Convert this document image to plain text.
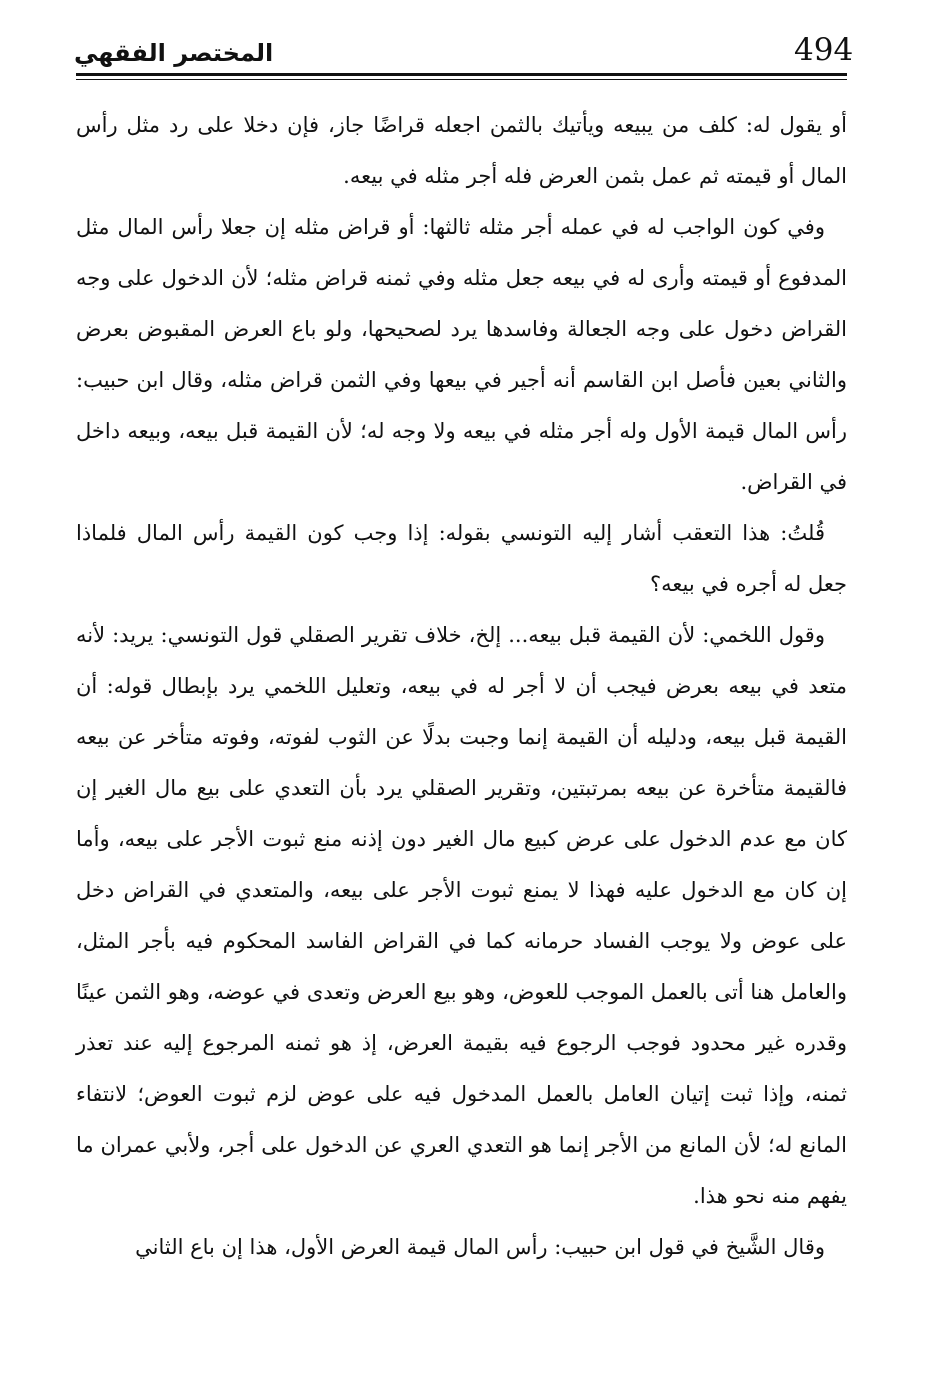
494
المختصر الفقهي

أو يقول له: كلف من يبيعه ويأتيك بالثمن اجعله قراضًا جاز، فإن دخلا على رد مثل رأس المال أو قيمته ثم عمل بثمن العرض فله أجر مثله في بيعه.

وفي كون الواجب له في عمله أجر مثله ثالثها: أو قراض مثله إن جعلا رأس المال مثل المدفوع أو قيمته وأرى له في بيعه جعل مثله وفي ثمنه قراض مثله؛ لأن الدخول على وجه القراض دخول على وجه الجعالة وفاسدها يرد لصحيحها، ولو باع العرض المقبوض بعرض والثاني بعين فأصل ابن القاسم أنه أجير في بيعها وفي الثمن قراض مثله، وقال ابن حبيب: رأس المال قيمة الأول وله أجر مثله في بيعه ولا وجه له؛ لأن القيمة قبل بيعه، وبيعه داخل في القراض.

قُلتُ: هذا التعقب أشار إليه التونسي بقوله: إذا وجب كون القيمة رأس المال فلماذا جعل له أجره في بيعه؟

وقول اللخمي: لأن القيمة قبل بيعه... إلخ، خلاف تقرير الصقلي قول التونسي: يريد: لأنه متعد في بيعه بعرض فيجب أن لا أجر له في بيعه، وتعليل اللخمي يرد بإبطال قوله: أن القيمة قبل بيعه، ودليله أن القيمة إنما وجبت بدلًا عن الثوب لفوته، وفوته متأخر عن بيعه فالقيمة متأخرة عن بيعه بمرتبتين، وتقرير الصقلي يرد بأن التعدي على بيع مال الغير إن كان مع عدم الدخول على عرض كبيع مال الغير دون إذنه منع ثبوت الأجر على بيعه، وأما إن كان مع الدخول عليه فهذا لا يمنع ثبوت الأجر على بيعه، والمتعدي في القراض دخل على عوض ولا يوجب الفساد حرمانه كما في القراض الفاسد المحكوم فيه بأجر المثل، والعامل هنا أتى بالعمل الموجب للعوض، وهو بيع العرض وتعدى في عوضه، وهو الثمن عينًا وقدره غير محدود فوجب الرجوع فيه بقيمة العرض، إذ هو ثمنه المرجوع إليه عند تعذر ثمنه، وإذا ثبت إتيان العامل بالعمل المدخول فيه على عوض لزم ثبوت العوض؛ لانتفاء المانع له؛ لأن المانع من الأجر إنما هو التعدي العري عن الدخول على أجر، ولأبي عمران ما يفهم منه نحو هذا.

وقال الشَّيخ في قول ابن حبيب: رأس المال قيمة العرض الأول، هذا إن باع الثاني
